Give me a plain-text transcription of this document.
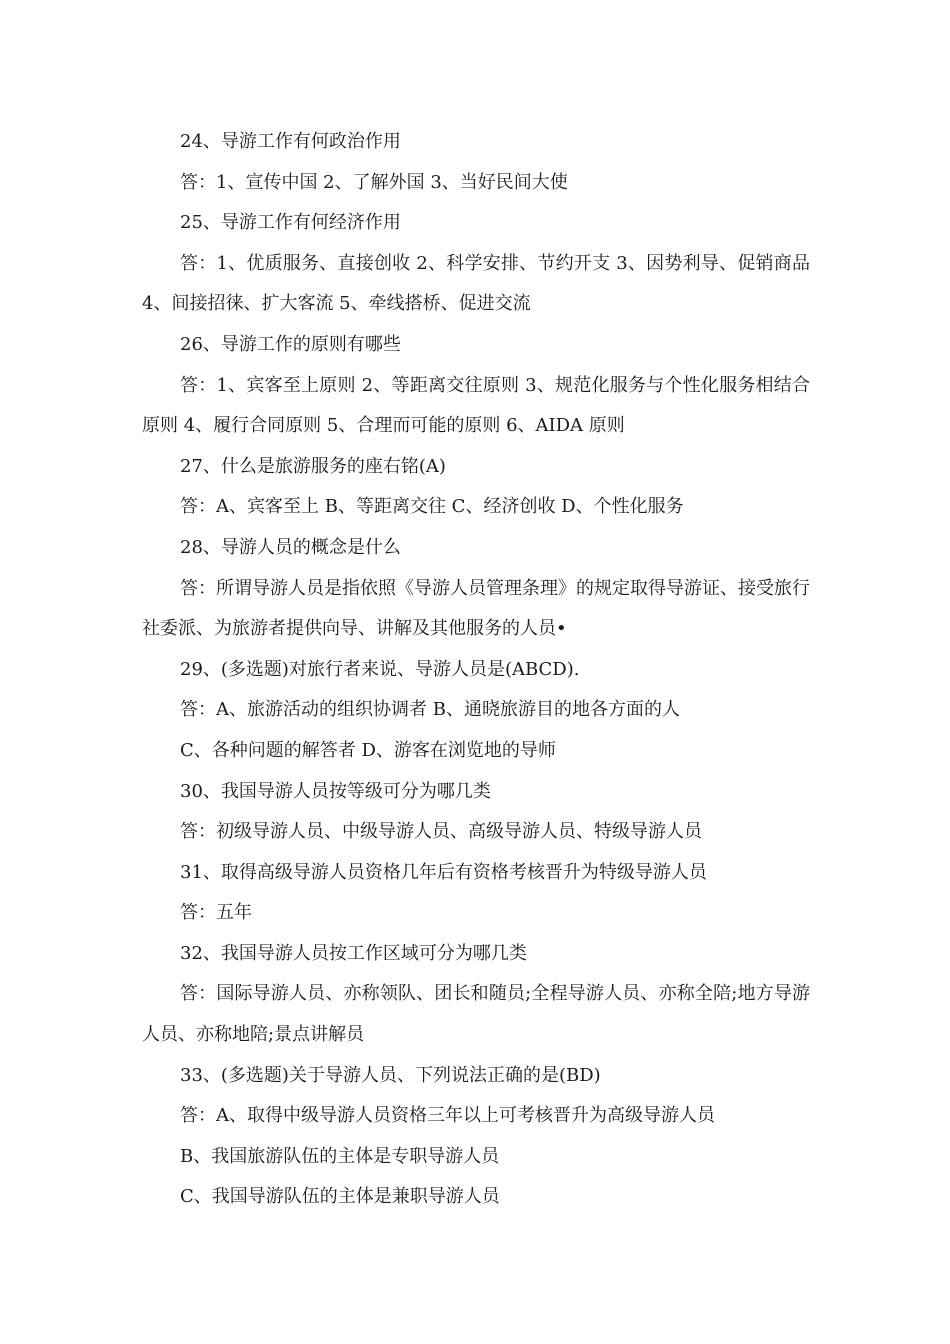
24、导游工作有何政治作用

答：1、宣传中国 2、了解外国 3、当好民间大使

25、导游工作有何经济作用

答：1、优质服务、直接创收 2、科学安排、节约开支 3、因势利导、促销商品 4、间接招徕、扩大客流 5、牵线搭桥、促进交流

26、导游工作的原则有哪些

答：1、宾客至上原则 2、等距离交往原则 3、规范化服务与个性化服务相结合原则 4、履行合同原则 5、合理而可能的原则 6、AIDA 原则

27、什么是旅游服务的座右铭(A)

答：A、宾客至上 B、等距离交往 C、经济创收 D、个性化服务

28、导游人员的概念是什么

答：所谓导游人员是指依照《导游人员管理条理》的规定取得导游证、接受旅行社委派、为旅游者提供向导、讲解及其他服务的人员•

29、(多选题)对旅行者来说、导游人员是(ABCD).

答：A、旅游活动的组织协调者 B、通晓旅游目的地各方面的人

C、各种问题的解答者 D、游客在浏览地的导师

30、我国导游人员按等级可分为哪几类

答：初级导游人员、中级导游人员、高级导游人员、特级导游人员

31、取得高级导游人员资格几年后有资格考核晋升为特级导游人员

答：五年

32、我国导游人员按工作区域可分为哪几类

答：国际导游人员、亦称领队、团长和随员;全程导游人员、亦称全陪;地方导游人员、亦称地陪;景点讲解员

33、(多选题)关于导游人员、下列说法正确的是(BD)

答：A、取得中级导游人员资格三年以上可考核晋升为高级导游人员

B、我国旅游队伍的主体是专职导游人员

C、我国导游队伍的主体是兼职导游人员
